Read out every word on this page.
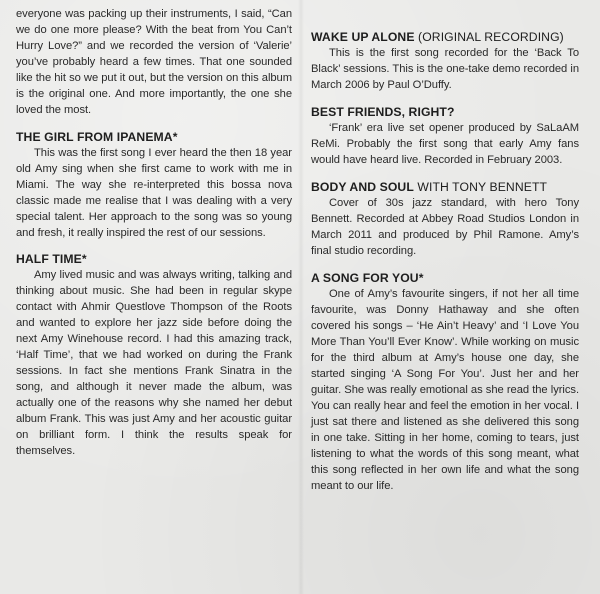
everyone was packing up their instruments, I said, “Can we do one more please? With the beat from You Can’t Hurry Love?” and we recorded the version of ‘Valerie’ you’ve probably heard a few times. That one sounded like the hit so we put it out, but the version on this album is the original one. And more importantly, the one she loved the most.

THE GIRL FROM IPANEMA*

This was the first song I ever heard the then 18 year old Amy sing when she first came to work with me in Miami. The way she re-interpreted this bossa nova classic made me realise that I was dealing with a very special talent. Her approach to the song was so young and fresh, it really inspired the rest of our sessions.

HALF TIME*

Amy lived music and was always writing, talking and thinking about music. She had been in regular skype contact with Ahmir Questlove Thompson of the Roots and wanted to explore her jazz side before doing the next Amy Winehouse record. I had this amazing track, ‘Half Time’, that we had worked on during the Frank sessions. In fact she mentions Frank Sinatra in the song, and although it never made the album, was actually one of the reasons why she named her debut album Frank. This was just Amy and her acoustic guitar on brilliant form. I think the results speak for themselves.

WAKE UP ALONE (ORIGINAL RECORDING)

This is the first song recorded for the ‘Back To Black’ sessions. This is the one-take demo recorded in March 2006 by Paul O’Duffy.

BEST FRIENDS, RIGHT?

‘Frank’ era live set opener produced by SaLaAM ReMi. Probably the first song that early Amy fans would have heard live. Recorded in February 2003.

BODY AND SOUL WITH TONY BENNETT

Cover of 30s jazz standard, with hero Tony Bennett. Recorded at Abbey Road Studios London in March 2011 and produced by Phil Ramone. Amy’s final studio recording.

A SONG FOR YOU*

One of Amy’s favourite singers, if not her all time favourite, was Donny Hathaway and she often covered his songs – ‘He Ain’t Heavy’ and ‘I Love You More Than You’ll Ever Know’. While working on music for the third album at Amy’s house one day, she started singing ‘A Song For You’. Just her and her guitar. She was really emotional as she read the lyrics. You can really hear and feel the emotion in her vocal. I just sat there and listened as she delivered this song in one take. Sitting in her home, coming to tears, just listening to what the words of this song meant, what this song reflected in her own life and what the song meant to our life.
